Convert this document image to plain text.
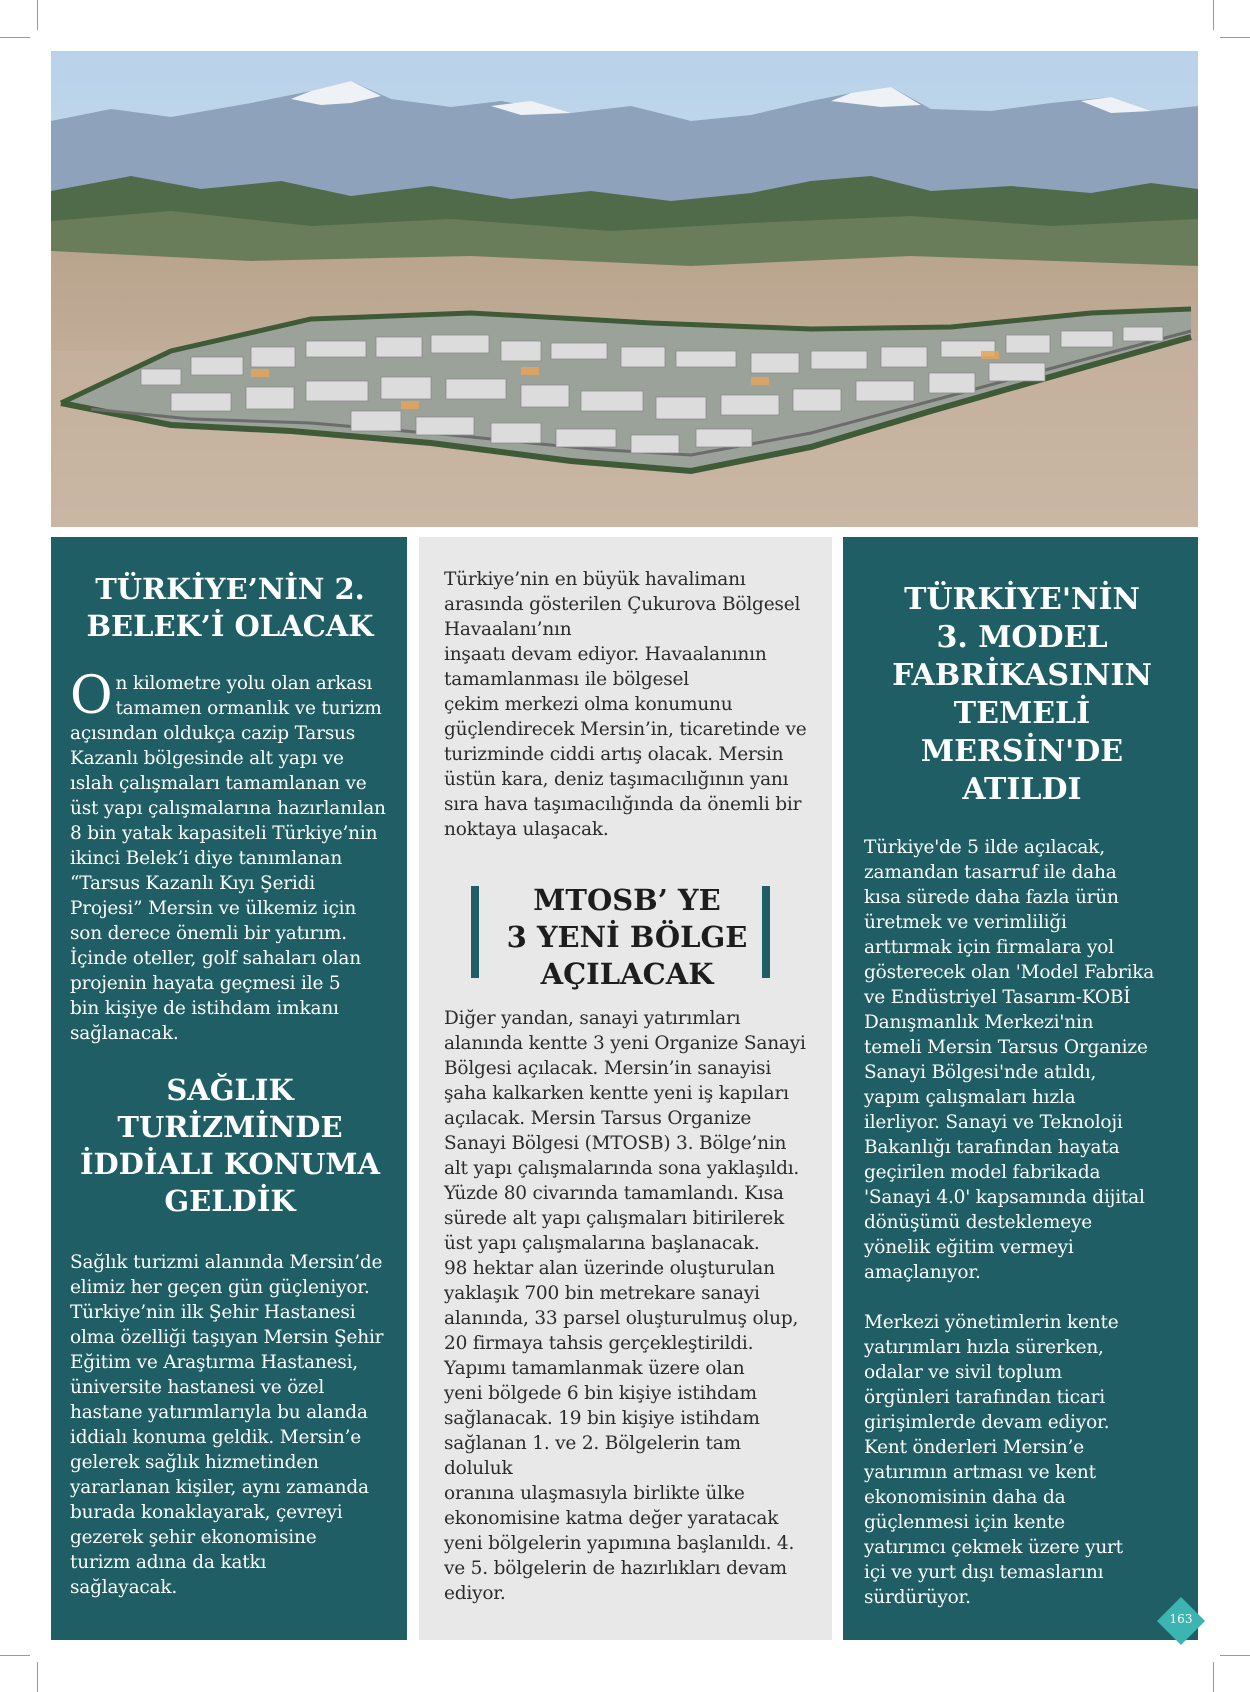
TÜRKİYE’NİN 2.
BELEK’İ OLACAK

On kilometre yolu olan arkası
tamamen ormanlık ve turizm
açısından oldukça cazip Tarsus
Kazanlı bölgesinde alt yapı ve
ıslah çalışmaları tamamlanan ve
üst yapı çalışmalarına hazırlanılan
8 bin yatak kapasiteli Türkiye’nin
ikinci Belek’i diye tanımlanan
“Tarsus Kazanlı Kıyı Şeridi
Projesi” Mersin ve ülkemiz için
son derece önemli bir yatırım.
İçinde oteller, golf sahaları olan
projenin hayata geçmesi ile 5
bin kişiye de istihdam imkanı
sağlanacak.

SAĞLIK TURİZMİNDE
İDDİALI KONUMA
GELDİK

Sağlık turizmi alanında Mersin’de
elimiz her geçen gün güçleniyor.
Türkiye’nin ilk Şehir Hastanesi
olma özelliği taşıyan Mersin Şehir
Eğitim ve Araştırma Hastanesi,
üniversite hastanesi ve özel
hastane yatırımlarıyla bu alanda
iddialı konuma geldik. Mersin’e
gelerek sağlık hizmetinden
yararlanan kişiler, aynı zamanda
burada konaklayarak, çevreyi
gezerek şehir ekonomisine
turizm adına da katkı
sağlayacak.

Türkiye’nin en büyük havalimanı
arasında gösterilen Çukurova Bölgesel
Havaalanı’nın
inşaatı devam ediyor. Havaalanının
tamamlanması ile bölgesel
çekim merkezi olma konumunu
güçlendirecek Mersin’in, ticaretinde ve
turizminde ciddi artış olacak. Mersin
üstün kara, deniz taşımacılığının yanı
sıra hava taşımacılığında da önemli bir
noktaya ulaşacak.

MTOSB’ YE
3 YENİ BÖLGE
AÇILACAK

Diğer yandan, sanayi yatırımları
alanında kentte 3 yeni Organize Sanayi
Bölgesi açılacak. Mersin’in sanayisi
şaha kalkarken kentte yeni iş kapıları
açılacak. Mersin Tarsus Organize
Sanayi Bölgesi (MTOSB) 3. Bölge’nin
alt yapı çalışmalarında sona yaklaşıldı.
Yüzde 80 civarında tamamlandı. Kısa
sürede alt yapı çalışmaları bitirilerek
üst yapı çalışmalarına başlanacak.
98 hektar alan üzerinde oluşturulan
yaklaşık 700 bin metrekare sanayi
alanında, 33 parsel oluşturulmuş olup,
20 firmaya tahsis gerçekleştirildi.
Yapımı tamamlanmak üzere olan
yeni bölgede 6 bin kişiye istihdam
sağlanacak. 19 bin kişiye istihdam
sağlanan 1. ve 2. Bölgelerin tam doluluk
oranına ulaşmasıyla birlikte ülke
ekonomisine katma değer yaratacak
yeni bölgelerin yapımına başlanıldı. 4.
ve 5. bölgelerin de hazırlıkları devam
ediyor.

TÜRKİYE'NİN
3. MODEL
FABRİKASININ
TEMELİ
MERSİN'DE ATILDI

Türkiye'de 5 ilde açılacak,
zamandan tasarruf ile daha
kısa sürede daha fazla ürün
üretmek ve verimliliği
arttırmak için firmalara yol
gösterecek olan 'Model Fabrika
ve Endüstriyel Tasarım-KOBİ
Danışmanlık Merkezi'nin
temeli Mersin Tarsus Organize
Sanayi Bölgesi'nde atıldı,
yapım çalışmaları hızla
ilerliyor. Sanayi ve Teknoloji
Bakanlığı tarafından hayata
geçirilen model fabrikada
'Sanayi 4.0' kapsamında dijital
dönüşümü desteklemeye
yönelik eğitim vermeyi
amaçlanıyor.

Merkezi yönetimlerin kente
yatırımları hızla sürerken,
odalar ve sivil toplum
örgünleri tarafından ticari
girişimlerde devam ediyor.
Kent önderleri Mersin’e
yatırımın artması ve kent
ekonomisinin daha da
güçlenmesi için kente
yatırımcı çekmek üzere yurt
içi ve yurt dışı temaslarını
sürdürüyor.

163
